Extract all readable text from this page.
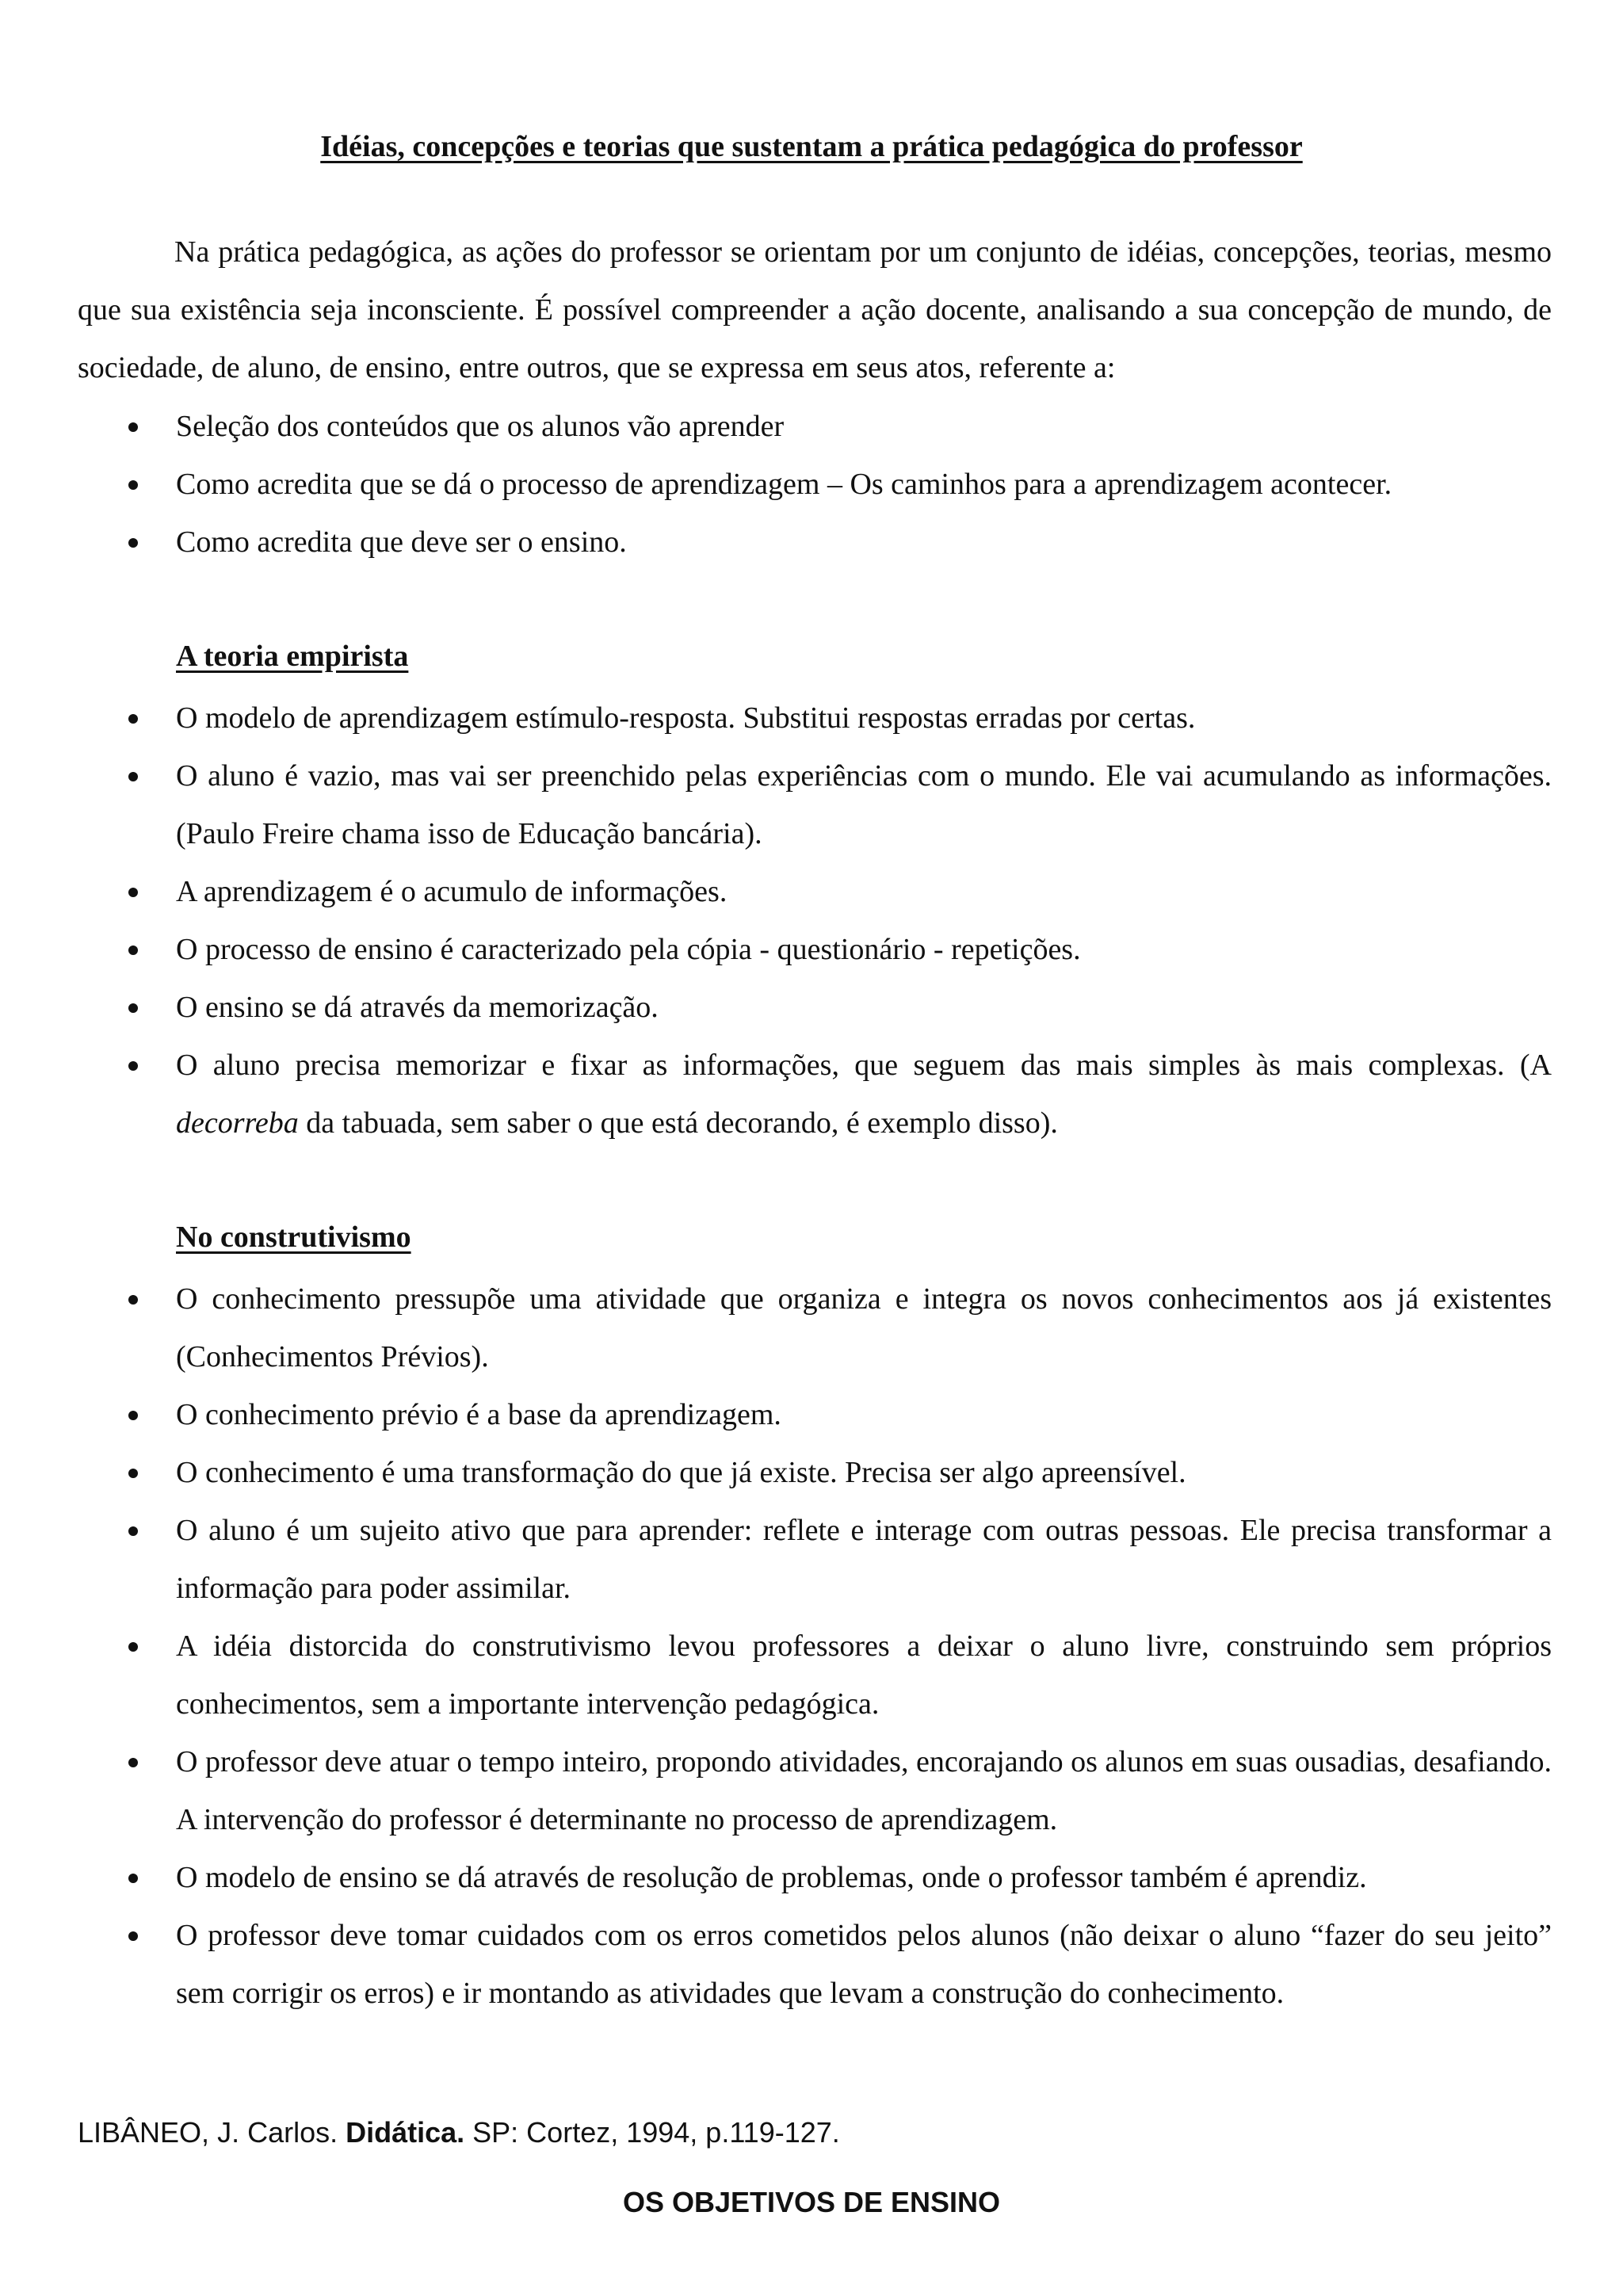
Idéias, concepções e teorias que sustentam a prática pedagógica do professor

Na prática pedagógica, as ações do professor se orientam por um conjunto de idéias, concepções, teorias, mesmo que sua existência seja inconsciente. É possível compreender a ação docente, analisando a sua concepção de mundo, de sociedade, de aluno, de ensino, entre outros, que se expressa em seus atos, referente a:

Seleção dos conteúdos que os alunos vão aprender
Como acredita que se dá o processo de aprendizagem – Os caminhos para a aprendizagem acontecer.
Como acredita que deve ser o ensino.
A teoria empirista
O modelo de aprendizagem estímulo-resposta. Substitui respostas erradas por certas.
O aluno é vazio, mas vai ser preenchido pelas experiências com o mundo. Ele vai acumulando as informações. (Paulo Freire chama isso de Educação bancária).
A aprendizagem é o acumulo de informações.
O processo de ensino é caracterizado pela cópia - questionário - repetições.
O ensino se dá através da memorização.
O aluno precisa memorizar e fixar as informações, que seguem das mais simples às mais complexas. (A decorreba da tabuada, sem saber o que está decorando, é exemplo disso).
No construtivismo
O conhecimento pressupõe uma atividade que organiza e integra os novos conhecimentos aos já existentes (Conhecimentos Prévios).
O conhecimento prévio é a base da aprendizagem.
O conhecimento é uma transformação do que já existe. Precisa ser algo apreensível.
O aluno é um sujeito ativo que para aprender: reflete e interage com outras pessoas. Ele precisa transformar a informação para poder assimilar.
A idéia distorcida do construtivismo levou professores a deixar o aluno livre, construindo sem próprios conhecimentos, sem a importante intervenção pedagógica.
O professor deve atuar o tempo inteiro, propondo atividades, encorajando os alunos em suas ousadias, desafiando. A intervenção do professor é determinante no processo de aprendizagem.
O modelo de ensino se dá através de resolução de problemas, onde o professor também é aprendiz.
O professor deve tomar cuidados com os erros cometidos pelos alunos (não deixar o aluno “fazer do seu jeito” sem corrigir os erros) e ir montando as atividades que levam a construção do conhecimento.
LIBÂNEO, J. Carlos. Didática. SP: Cortez, 1994, p.119-127.
OS OBJETIVOS DE ENSINO
